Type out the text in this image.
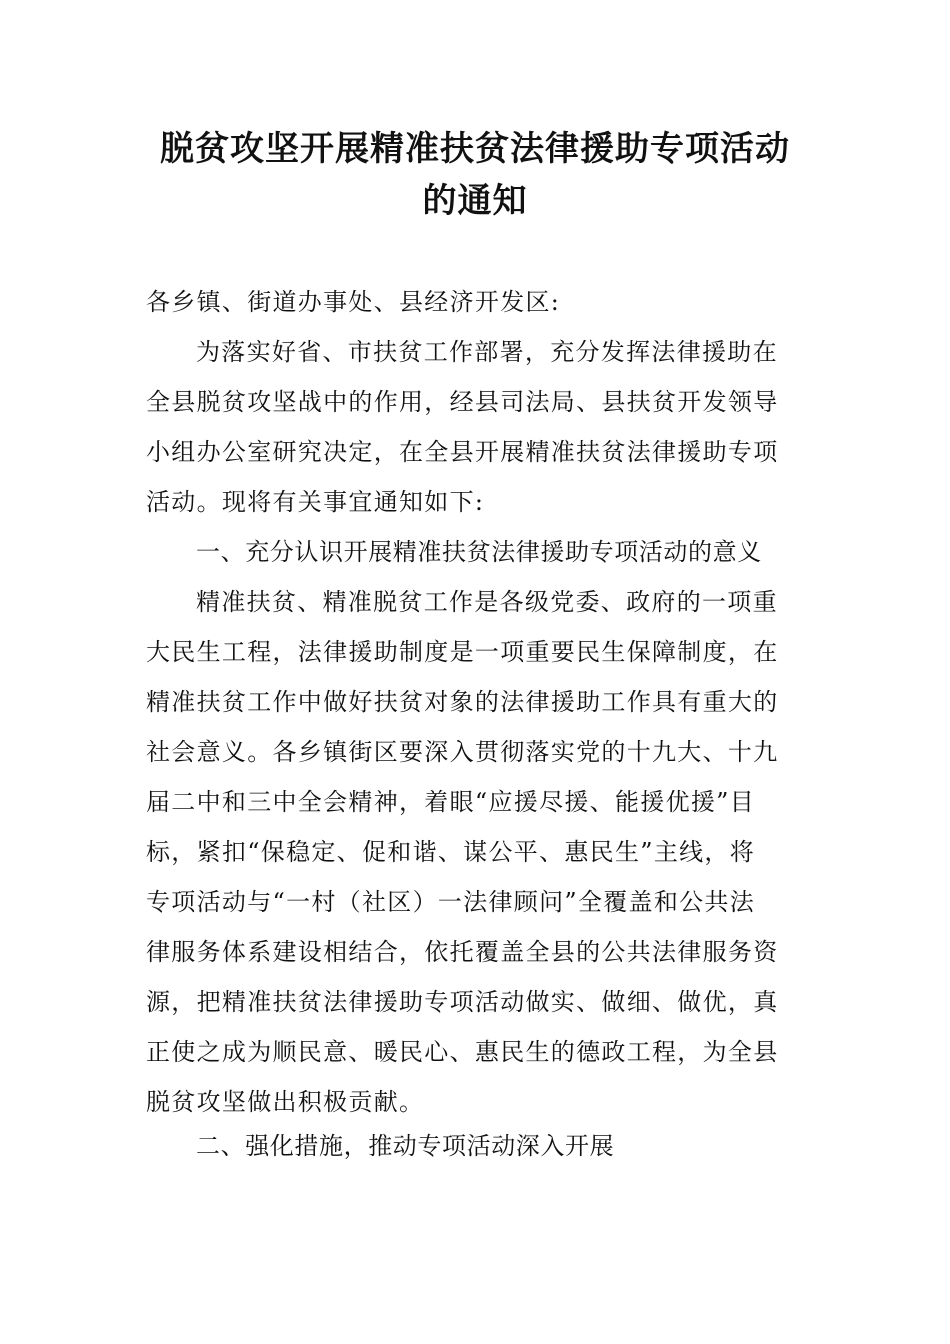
脱贫攻坚开展精准扶贫法律援助专项活动
的通知
各乡镇、街道办事处、县经济开发区:
为落实好省、市扶贫工作部署，充分发挥法律援助在
全县脱贫攻坚战中的作用，经县司法局、县扶贫开发领导
小组办公室研究决定，在全县开展精准扶贫法律援助专项
活动。现将有关事宜通知如下:
一、充分认识开展精准扶贫法律援助专项活动的意义
精准扶贫、精准脱贫工作是各级党委、政府的一项重
大民生工程，法律援助制度是一项重要民生保障制度，在
精准扶贫工作中做好扶贫对象的法律援助工作具有重大的
社会意义。各乡镇街区要深入贯彻落实党的十九大、十九
届二中和三中全会精神，着眼“应援尽援、能援优援”目
标，紧扣“保稳定、促和谐、谋公平、惠民生”主线，将
专项活动与“一村（社区）一法律顾问”全覆盖和公共法
律服务体系建设相结合，依托覆盖全县的公共法律服务资
源，把精准扶贫法律援助专项活动做实、做细、做优，真
正使之成为顺民意、暖民心、惠民生的德政工程，为全县
脱贫攻坚做出积极贡献。
二、强化措施，推动专项活动深入开展
